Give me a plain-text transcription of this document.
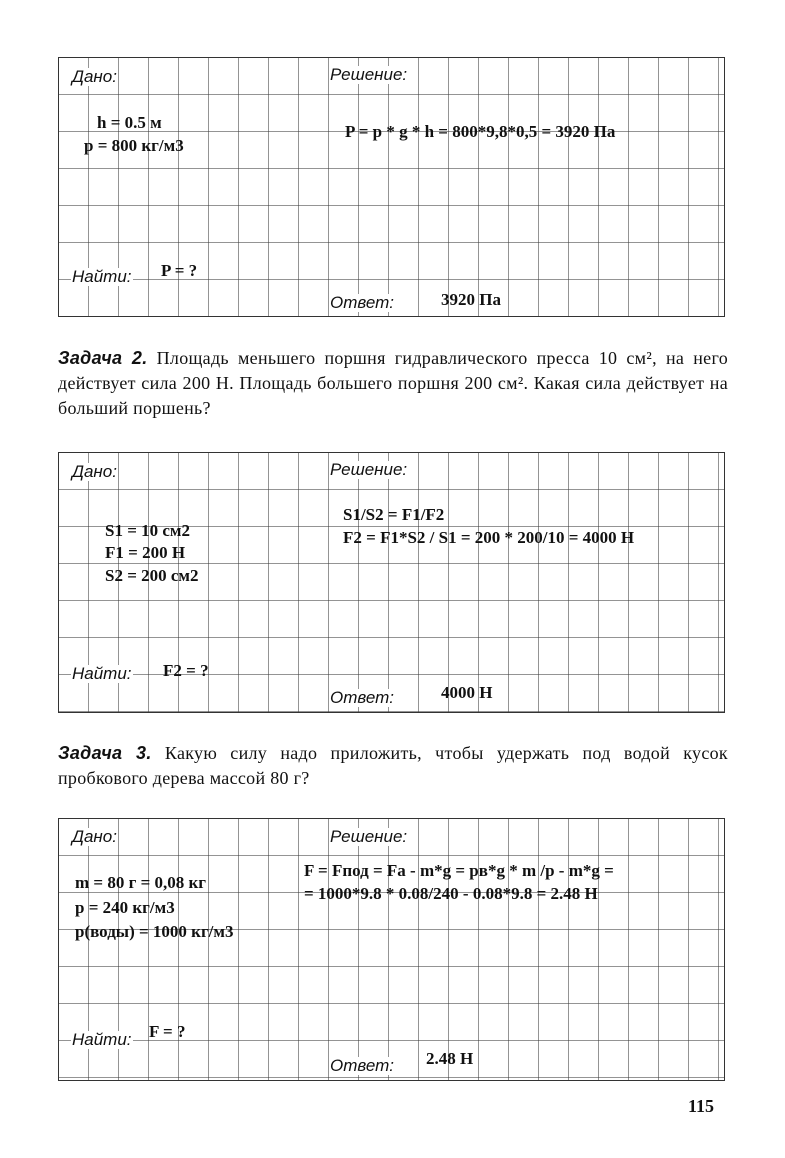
Дано:	Решение:
h = 0.5 м
p = 800 кг/м3
P = p * g * h = 800*9,8*0,5 = 3920 Па
Найти: P = ?
Ответ:	3920 Па
Задача 2. Площадь меньшего поршня гидравлического пресса 10 см², на него действует сила 200 Н. Площадь большего поршня 200 см². Какая сила действует на больший поршень?
Дано:	Решение:
S1 = 10 см2
F1 = 200 Н
S2 = 200 см2
S1/S2 = F1/F2
F2 = F1*S2 / S1 = 200 * 200/10 = 4000 Н
Найти: F2 = ?
Ответ:	4000 Н
Задача 3. Какую силу надо приложить, чтобы удержать под водой кусок пробкового дерева массой 80 г?
Дано:	Решение:
m = 80 г = 0,08 кг
p = 240 кг/м3
p(воды) = 1000 кг/м3
F = Fпод = Fa - m*g = pв*g * m /p - m*g =
= 1000*9.8 * 0.08/240 - 0.08*9.8 = 2.48 Н
Найти: F = ?
Ответ: 2.48 Н
115
